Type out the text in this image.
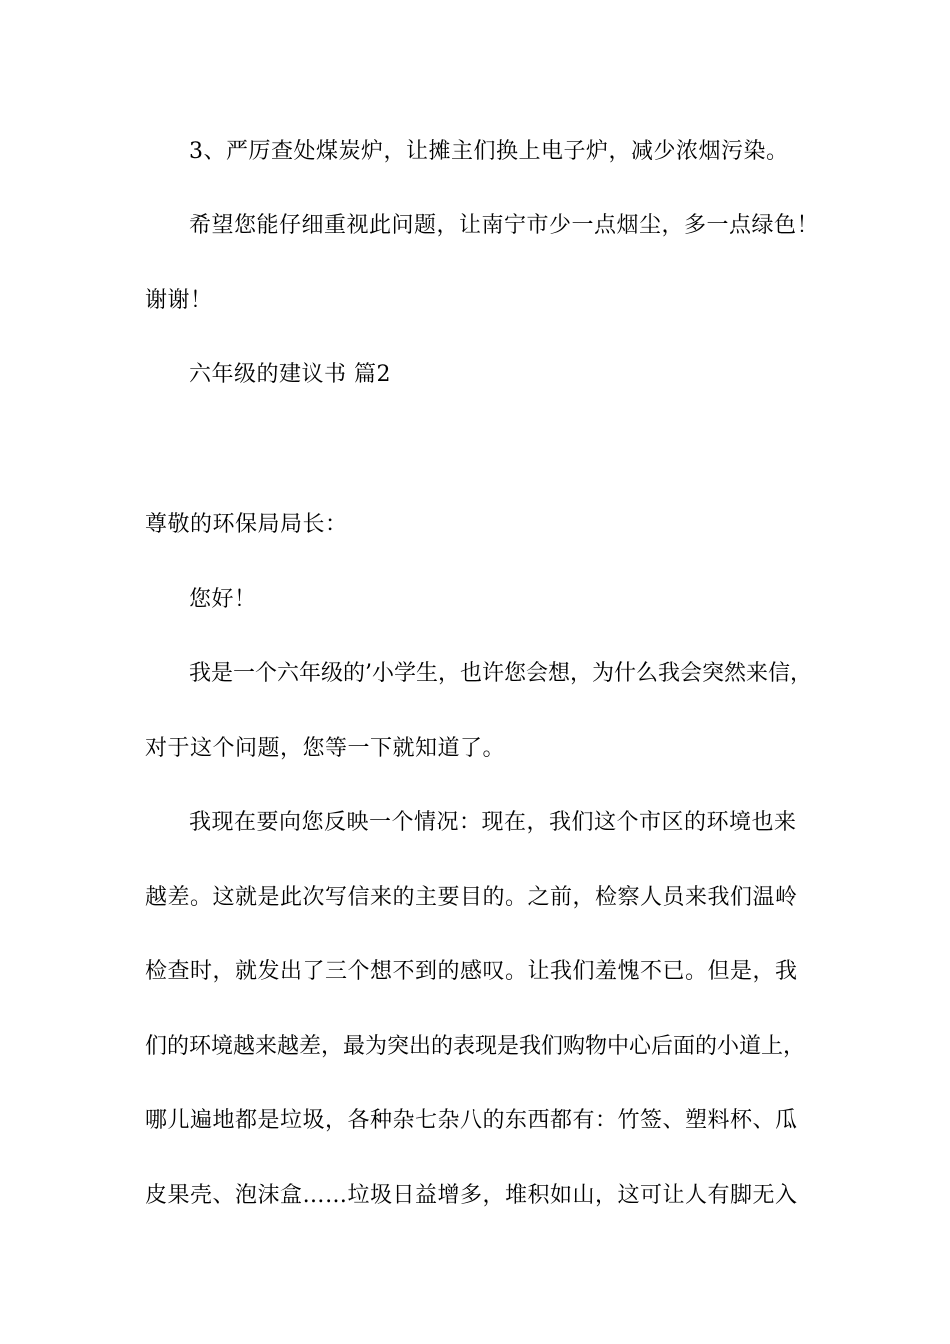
3、严厉查处煤炭炉，让摊主们换上电子炉，减少浓烟污染。
希望您能仔细重视此问题，让南宁市少一点烟尘，多一点绿色！
谢谢！
六年级的建议书 篇2
尊敬的环保局局长：
您好！
我是一个六年级的’小学生，也许您会想，为什么我会突然来信，
对于这个问题，您等一下就知道了。
我现在要向您反映一个情况：现在，我们这个市区的环境也来
越差。这就是此次写信来的主要目的。之前，检察人员来我们温岭
检查时，就发出了三个想不到的感叹。让我们羞愧不已。但是，我
们的环境越来越差，最为突出的表现是我们购物中心后面的小道上，
哪儿遍地都是垃圾，各种杂七杂八的东西都有：竹签、塑料杯、瓜
皮果壳、泡沫盒……垃圾日益增多，堆积如山，这可让人有脚无入
